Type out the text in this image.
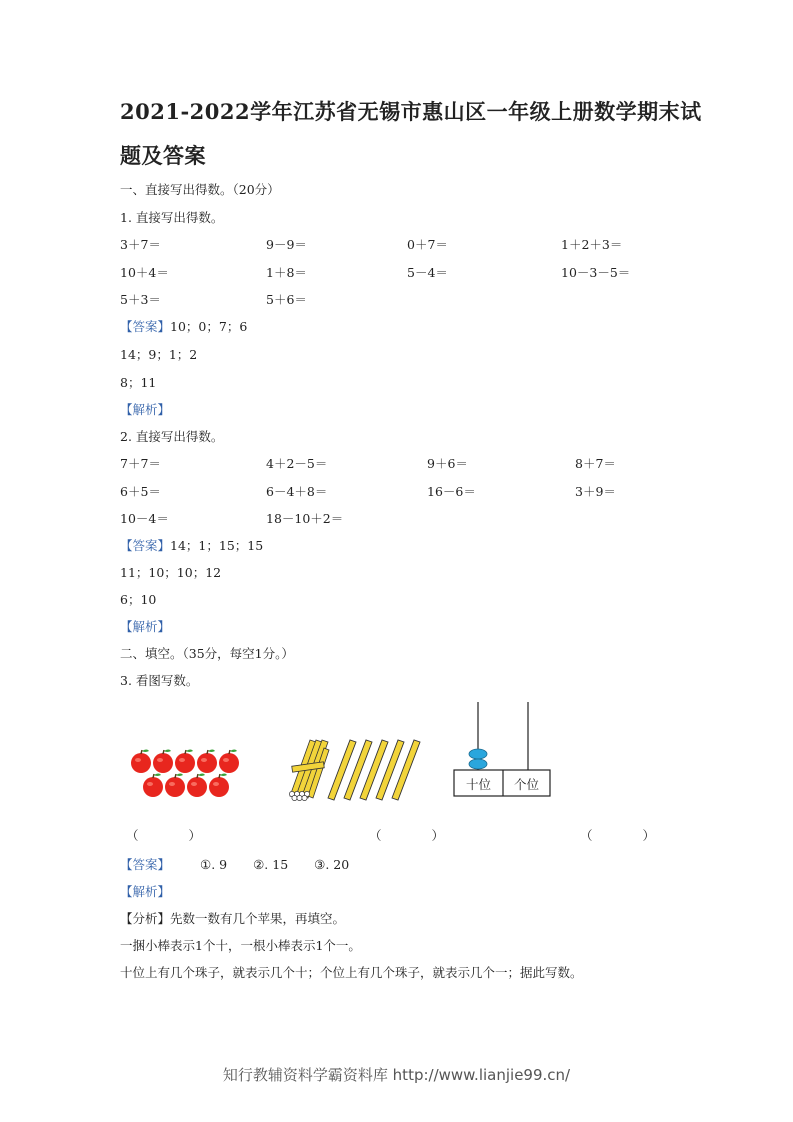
2021-2022学年江苏省无锡市惠山区一年级上册数学期末试
题及答案
一、直接写出得数。（20分）
1. 直接写出得数。
3＋7＝	9－9＝	0＋7＝	1＋2＋3＝
10＋4＝	1＋8＝	5－4＝	10－3－5＝
5＋3＝	5＋6＝
【答案】10；0；7；6
14；9；1；2
8；11
【解析】
2. 直接写出得数。
7＋7＝	4＋2－5＝	9＋6＝	8＋7＝
6＋5＝	6－4＋8＝	16－6＝	3＋9＝
10－4＝	18－10＋2＝
【答案】14；1；15；15
11；10；10；12
6；10
【解析】
二、填空。（35分，每空1分。）
3. 看图写数。
十位	个位
（　　　　）	（　　　　）	（　　　　）
【答案】 ①. 9 ②. 15 ③. 20
【解析】
【分析】先数一数有几个苹果，再填空。
一捆小棒表示1个十，一根小棒表示1个一。
十位上有几个珠子，就表示几个十；个位上有几个珠子，就表示几个一；据此写数。
知行教辅资料学霸资料库 http://www.lianjie99.cn/
